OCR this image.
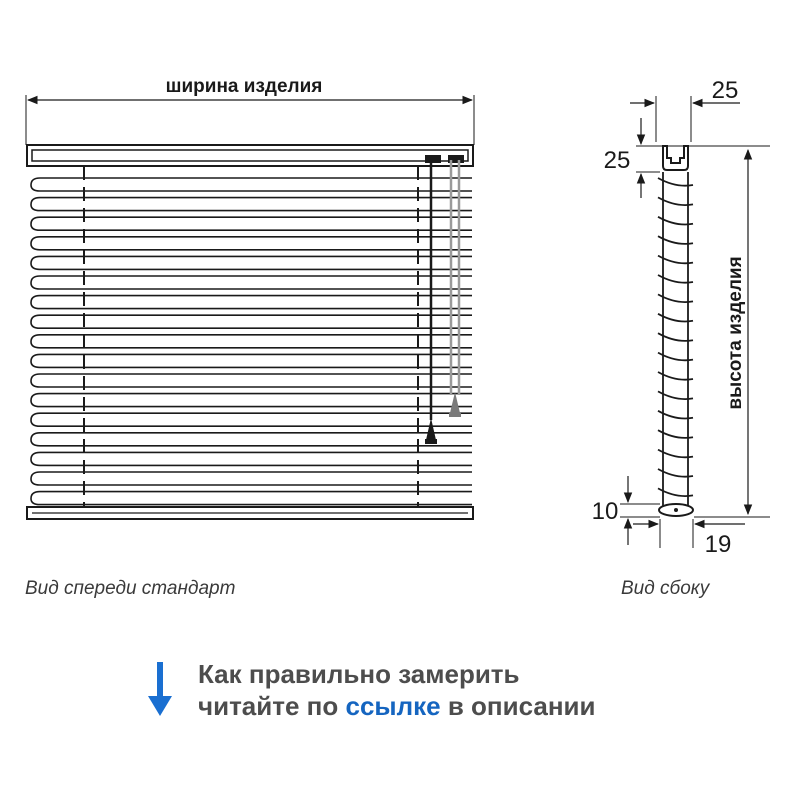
ширина изделия	25
25
высота изделия
10
19
Вид спереди стандарт	Вид сбоку
Как правильно замерить
читайте по ссылке в описании
